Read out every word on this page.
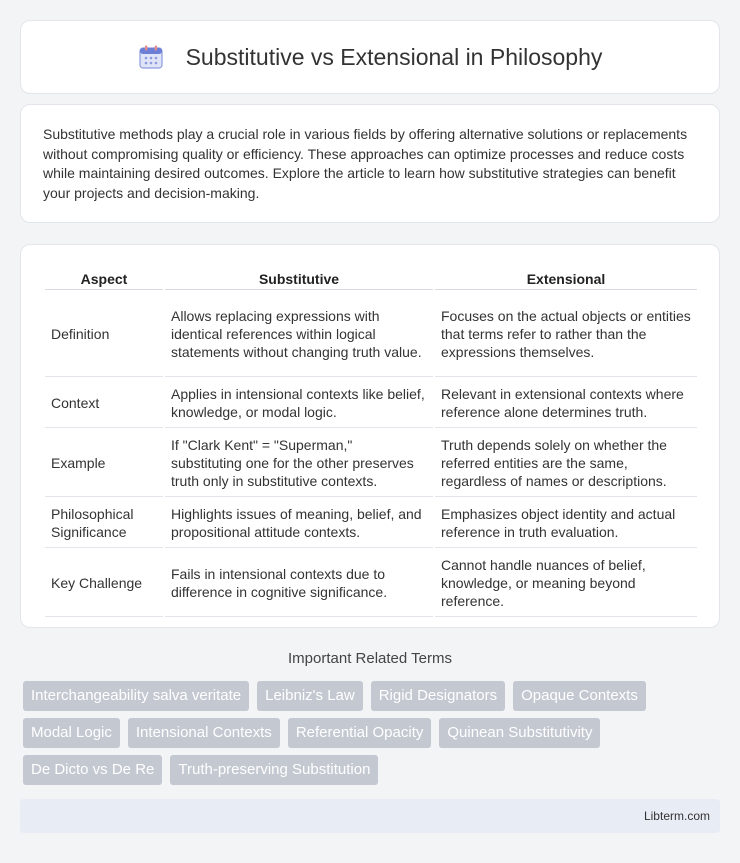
Substitutive vs Extensional in Philosophy

Substitutive methods play a crucial role in various fields by offering alternative solutions or replacements without compromising quality or efficiency. These approaches can optimize processes and reduce costs while maintaining desired outcomes. Explore the article to learn how substitutive strategies can benefit your projects and decision-making.

Aspect	Substitutive	Extensional
Definition	Allows replacing expressions with identical references within logical statements without changing truth value.	Focuses on the actual objects or entities that terms refer to rather than the expressions themselves.
Context	Applies in intensional contexts like belief, knowledge, or modal logic.	Relevant in extensional contexts where reference alone determines truth.
Example	If "Clark Kent" = "Superman," substituting one for the other preserves truth only in substitutive contexts.	Truth depends solely on whether the referred entities are the same, regardless of names or descriptions.
Philosophical Significance	Highlights issues of meaning, belief, and propositional attitude contexts.	Emphasizes object identity and actual reference in truth evaluation.
Key Challenge	Fails in intensional contexts due to difference in cognitive significance.	Cannot handle nuances of belief, knowledge, or meaning beyond reference.
Important Related Terms
Interchangeability salva veritate	Leibniz's Law	Rigid Designators	Opaque Contexts
Modal Logic	Intensional Contexts	Referential Opacity	Quinean Substitutivity
De Dicto vs De Re	Truth-preserving Substitution
Libterm.com
